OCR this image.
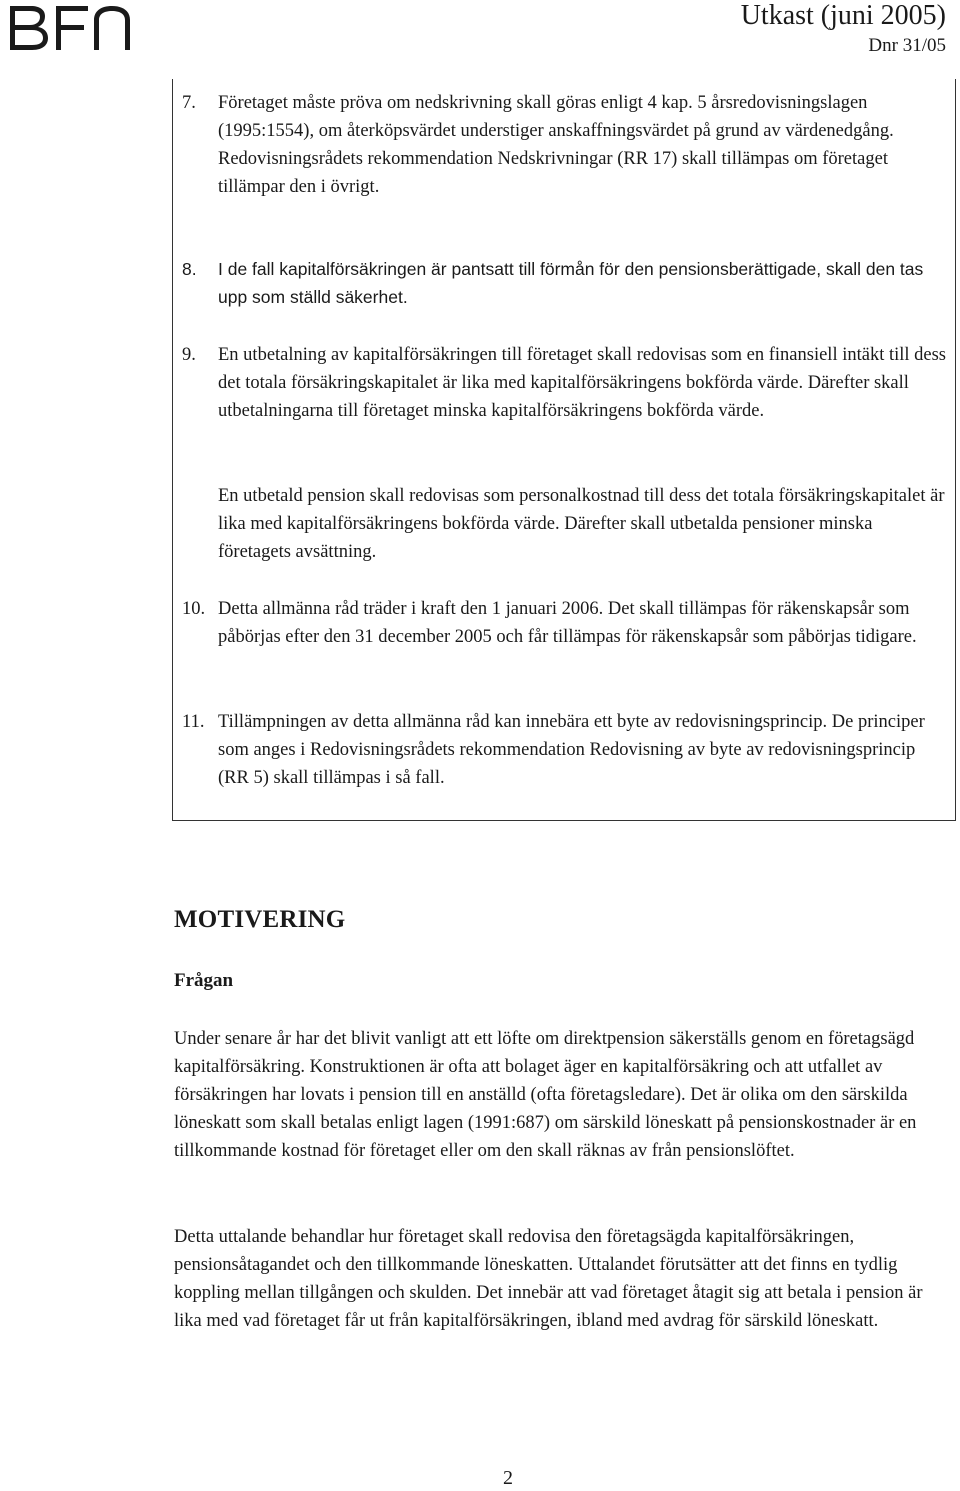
Utkast (juni 2005)
Dnr 31/05
7. Företaget måste pröva om nedskrivning skall göras enligt 4 kap. 5 årsredovisningslagen (1995:1554), om återköpsvärdet understiger anskaffningsvärdet på grund av värdenedgång. Redovisningsrådets rekommendation Nedskrivningar (RR 17) skall tillämpas om företaget tillämpar den i övrigt.
8. I de fall kapitalförsäkringen är pantsatt till förmån för den pensionsberättigade, skall den tas upp som ställd säkerhet.
9. En utbetalning av kapitalförsäkringen till företaget skall redovisas som en finansiell intäkt till dess det totala försäkringskapitalet är lika med kapitalförsäkringens bokförda värde. Därefter skall utbetalningarna till företaget minska kapitalförsäkringens bokförda värde.
En utbetald pension skall redovisas som personalkostnad till dess det totala försäkringskapitalet är lika med kapitalförsäkringens bokförda värde. Därefter skall utbetalda pensioner minska företagets avsättning.
10. Detta allmänna råd träder i kraft den 1 januari 2006. Det skall tillämpas för räkenskapsår som påbörjas efter den 31 december 2005 och får tillämpas för räkenskapsår som påbörjas tidigare.
11. Tillämpningen av detta allmänna råd kan innebära ett byte av redovisningsprincip. De principer som anges i Redovisningsrådets rekommendation Redovisning av byte av redovisningsprincip (RR 5) skall tillämpas i så fall.
MOTIVERING
Frågan
Under senare år har det blivit vanligt att ett löfte om direktpension säkerställs genom en företagsägd kapitalförsäkring. Konstruktionen är ofta att bolaget äger en kapitalförsäkring och att utfallet av försäkringen har lovats i pension till en anställd (ofta företagsledare). Det är olika om den särskilda löneskatt som skall betalas enligt lagen (1991:687) om särskild löneskatt på pensionskostnader är en tillkommande kostnad för företaget eller om den skall räknas av från pensionslöftet.
Detta uttalande behandlar hur företaget skall redovisa den företagsägda kapitalförsäkringen, pensionsåtagandet och den tillkommande löneskatten. Uttalandet förutsätter att det finns en tydlig koppling mellan tillgången och skulden. Det innebär att vad företaget åtagit sig att betala i pension är lika med vad företaget får ut från kapitalförsäkringen, ibland med avdrag för särskild löneskatt.
2
